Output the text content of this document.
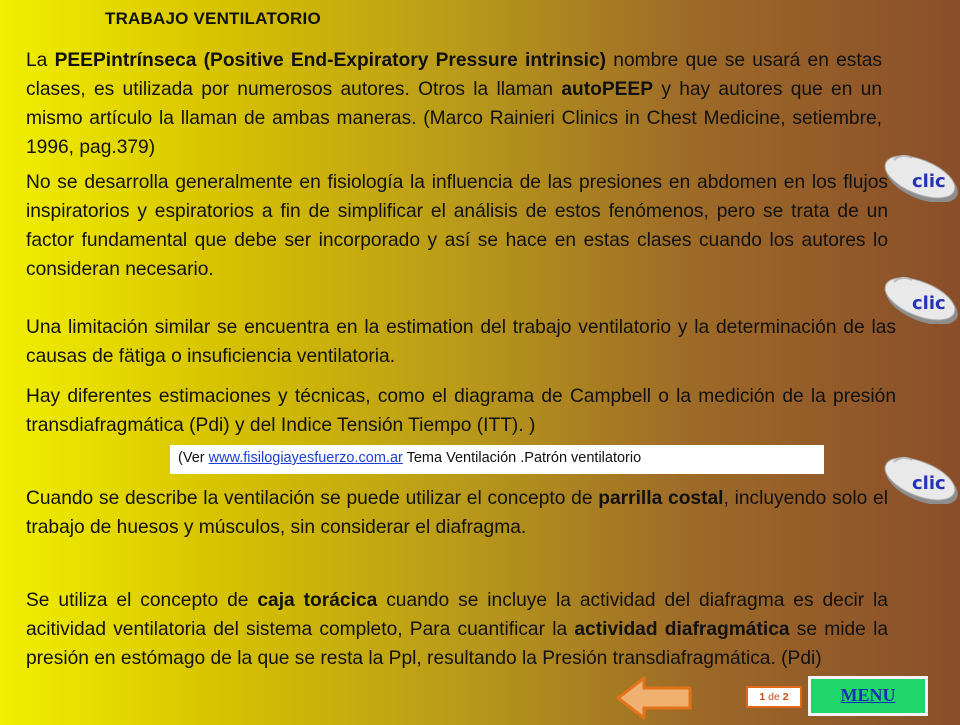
TRABAJO VENTILATORIO

La PEEPintrínseca (Positive End-Expiratory Pressure intrinsic) nombre que se usará en estas clases, es utilizada por numerosos autores. Otros la llaman autoPEEP y hay autores que en un mismo artículo la llaman de ambas maneras. (Marco Rainieri Clinics in Chest Medicine, setiembre, 1996, pag.379)

No se desarrolla generalmente en fisiología la influencia de las presiones en abdomen en los flujos inspiratorios y espiratorios a fin de simplificar el análisis de estos fenómenos, pero se trata de un factor fundamental que debe ser incorporado y así se hace en estas clases cuando los autores lo consideran necesario.

Una limitación similar se encuentra en la estimation del trabajo ventilatorio y la determinación de las causas de fätiga o insuficiencia ventilatoria.

Hay diferentes estimaciones y técnicas, como el diagrama de Campbell o la medición de la presión transdiafragmática (Pdi) y del Indice Tensión Tiempo (ITT). )

(Ver www.fisilogiayesfuerzo.com.ar Tema Ventilación .Patrón ventilatorio

Cuando se describe la ventilación se puede utilizar el concepto de parrilla costal, incluyendo solo el trabajo de huesos y músculos, sin considerar el diafragma.

Se utiliza el concepto de caja torácica cuando se incluye la actividad del diafragma es decir la acitividad ventilatoria del sistema completo, Para cuantificar la actividad diafragmática se mide la presión en estómago de la que se resta la Ppl, resultando la Presión transdiafragmática. (Pdi)

clic
clic
clic
1 de 2	MENU
